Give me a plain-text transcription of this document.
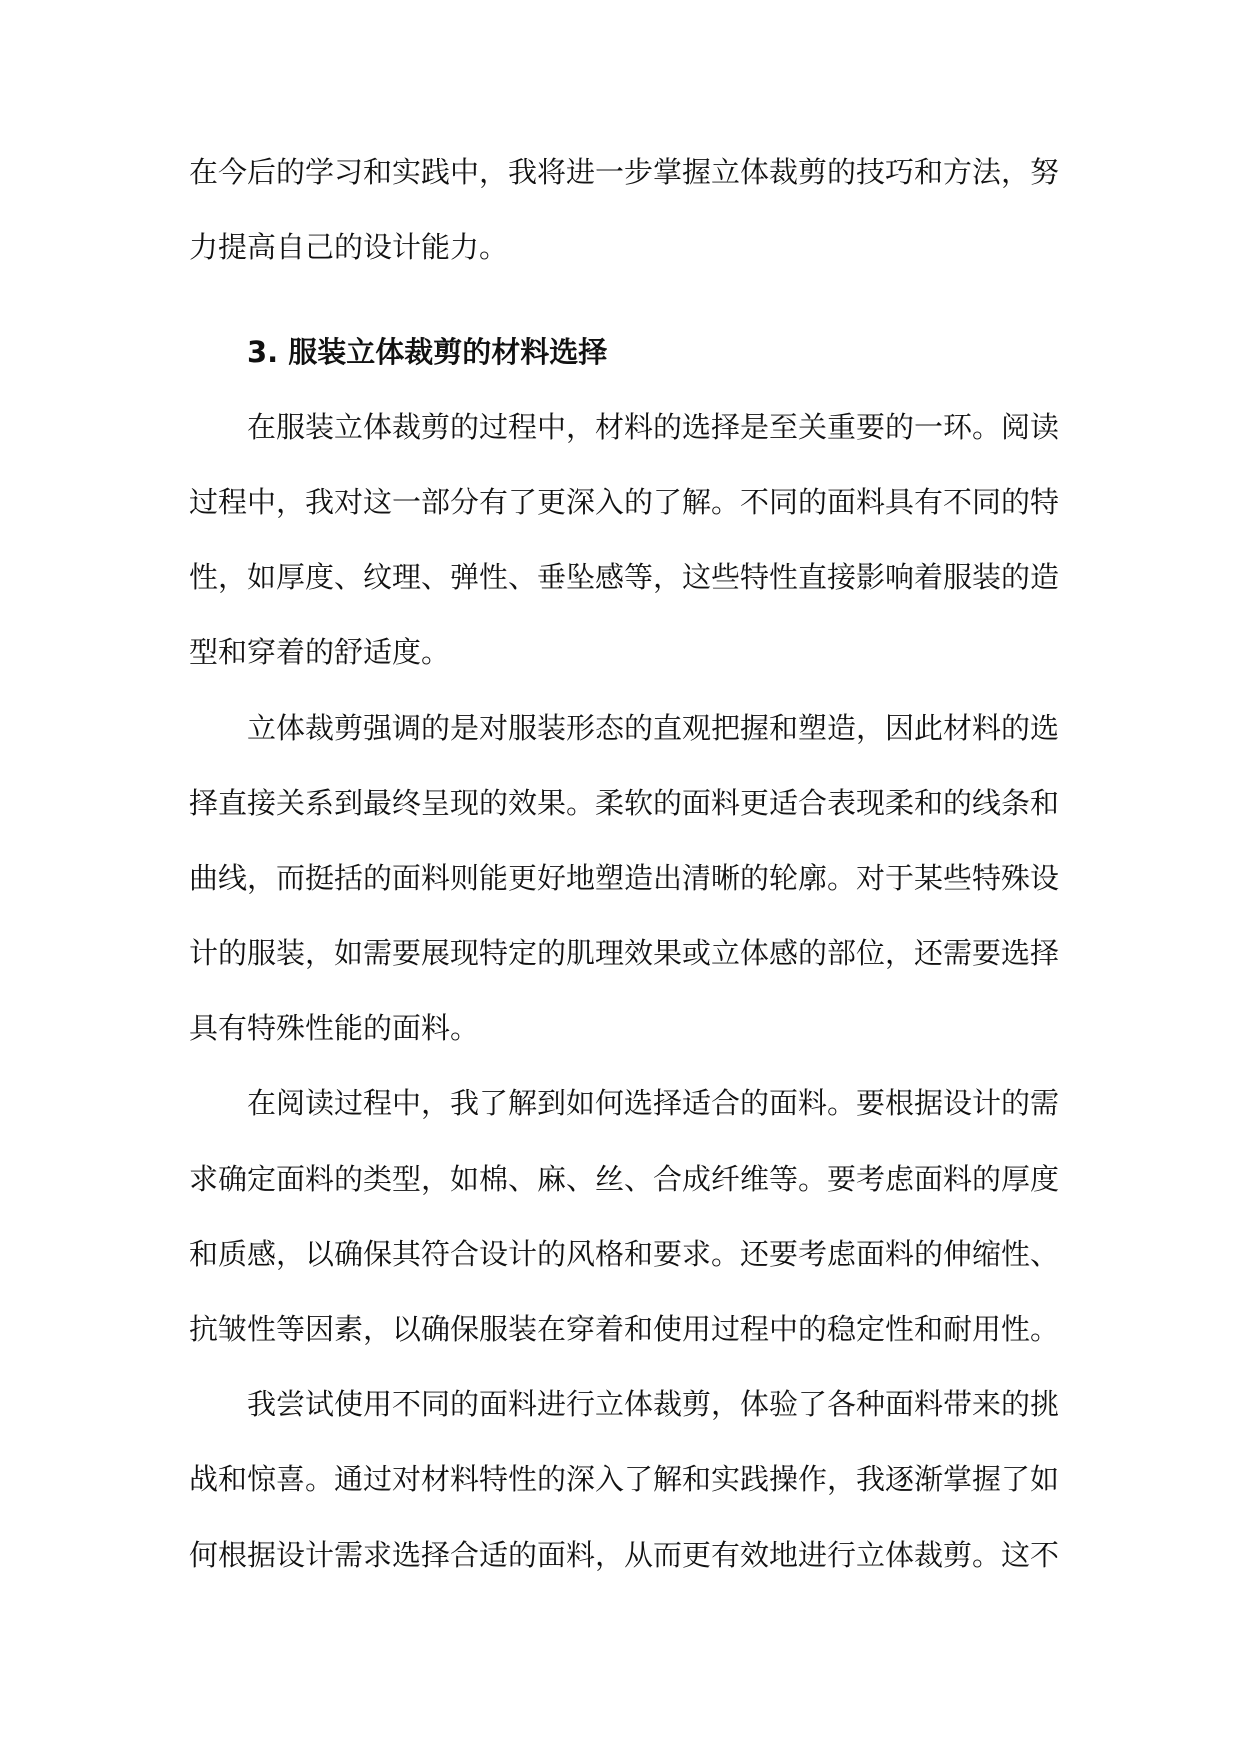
在今后的学习和实践中，我将进一步掌握立体裁剪的技巧和方法，努
力提高自己的设计能力。
3. 服装立体裁剪的材料选择
在服装立体裁剪的过程中，材料的选择是至关重要的一环。阅读
过程中，我对这一部分有了更深入的了解。不同的面料具有不同的特
性，如厚度、纹理、弹性、垂坠感等，这些特性直接影响着服装的造
型和穿着的舒适度。
立体裁剪强调的是对服装形态的直观把握和塑造，因此材料的选
择直接关系到最终呈现的效果。柔软的面料更适合表现柔和的线条和
曲线，而挺括的面料则能更好地塑造出清晰的轮廓。对于某些特殊设
计的服装，如需要展现特定的肌理效果或立体感的部位，还需要选择
具有特殊性能的面料。
在阅读过程中，我了解到如何选择适合的面料。要根据设计的需
求确定面料的类型，如棉、麻、丝、合成纤维等。要考虑面料的厚度
和质感，以确保其符合设计的风格和要求。还要考虑面料的伸缩性、
抗皱性等因素，以确保服装在穿着和使用过程中的稳定性和耐用性。
我尝试使用不同的面料进行立体裁剪，体验了各种面料带来的挑
战和惊喜。通过对材料特性的深入了解和实践操作，我逐渐掌握了如
何根据设计需求选择合适的面料，从而更有效地进行立体裁剪。这不
